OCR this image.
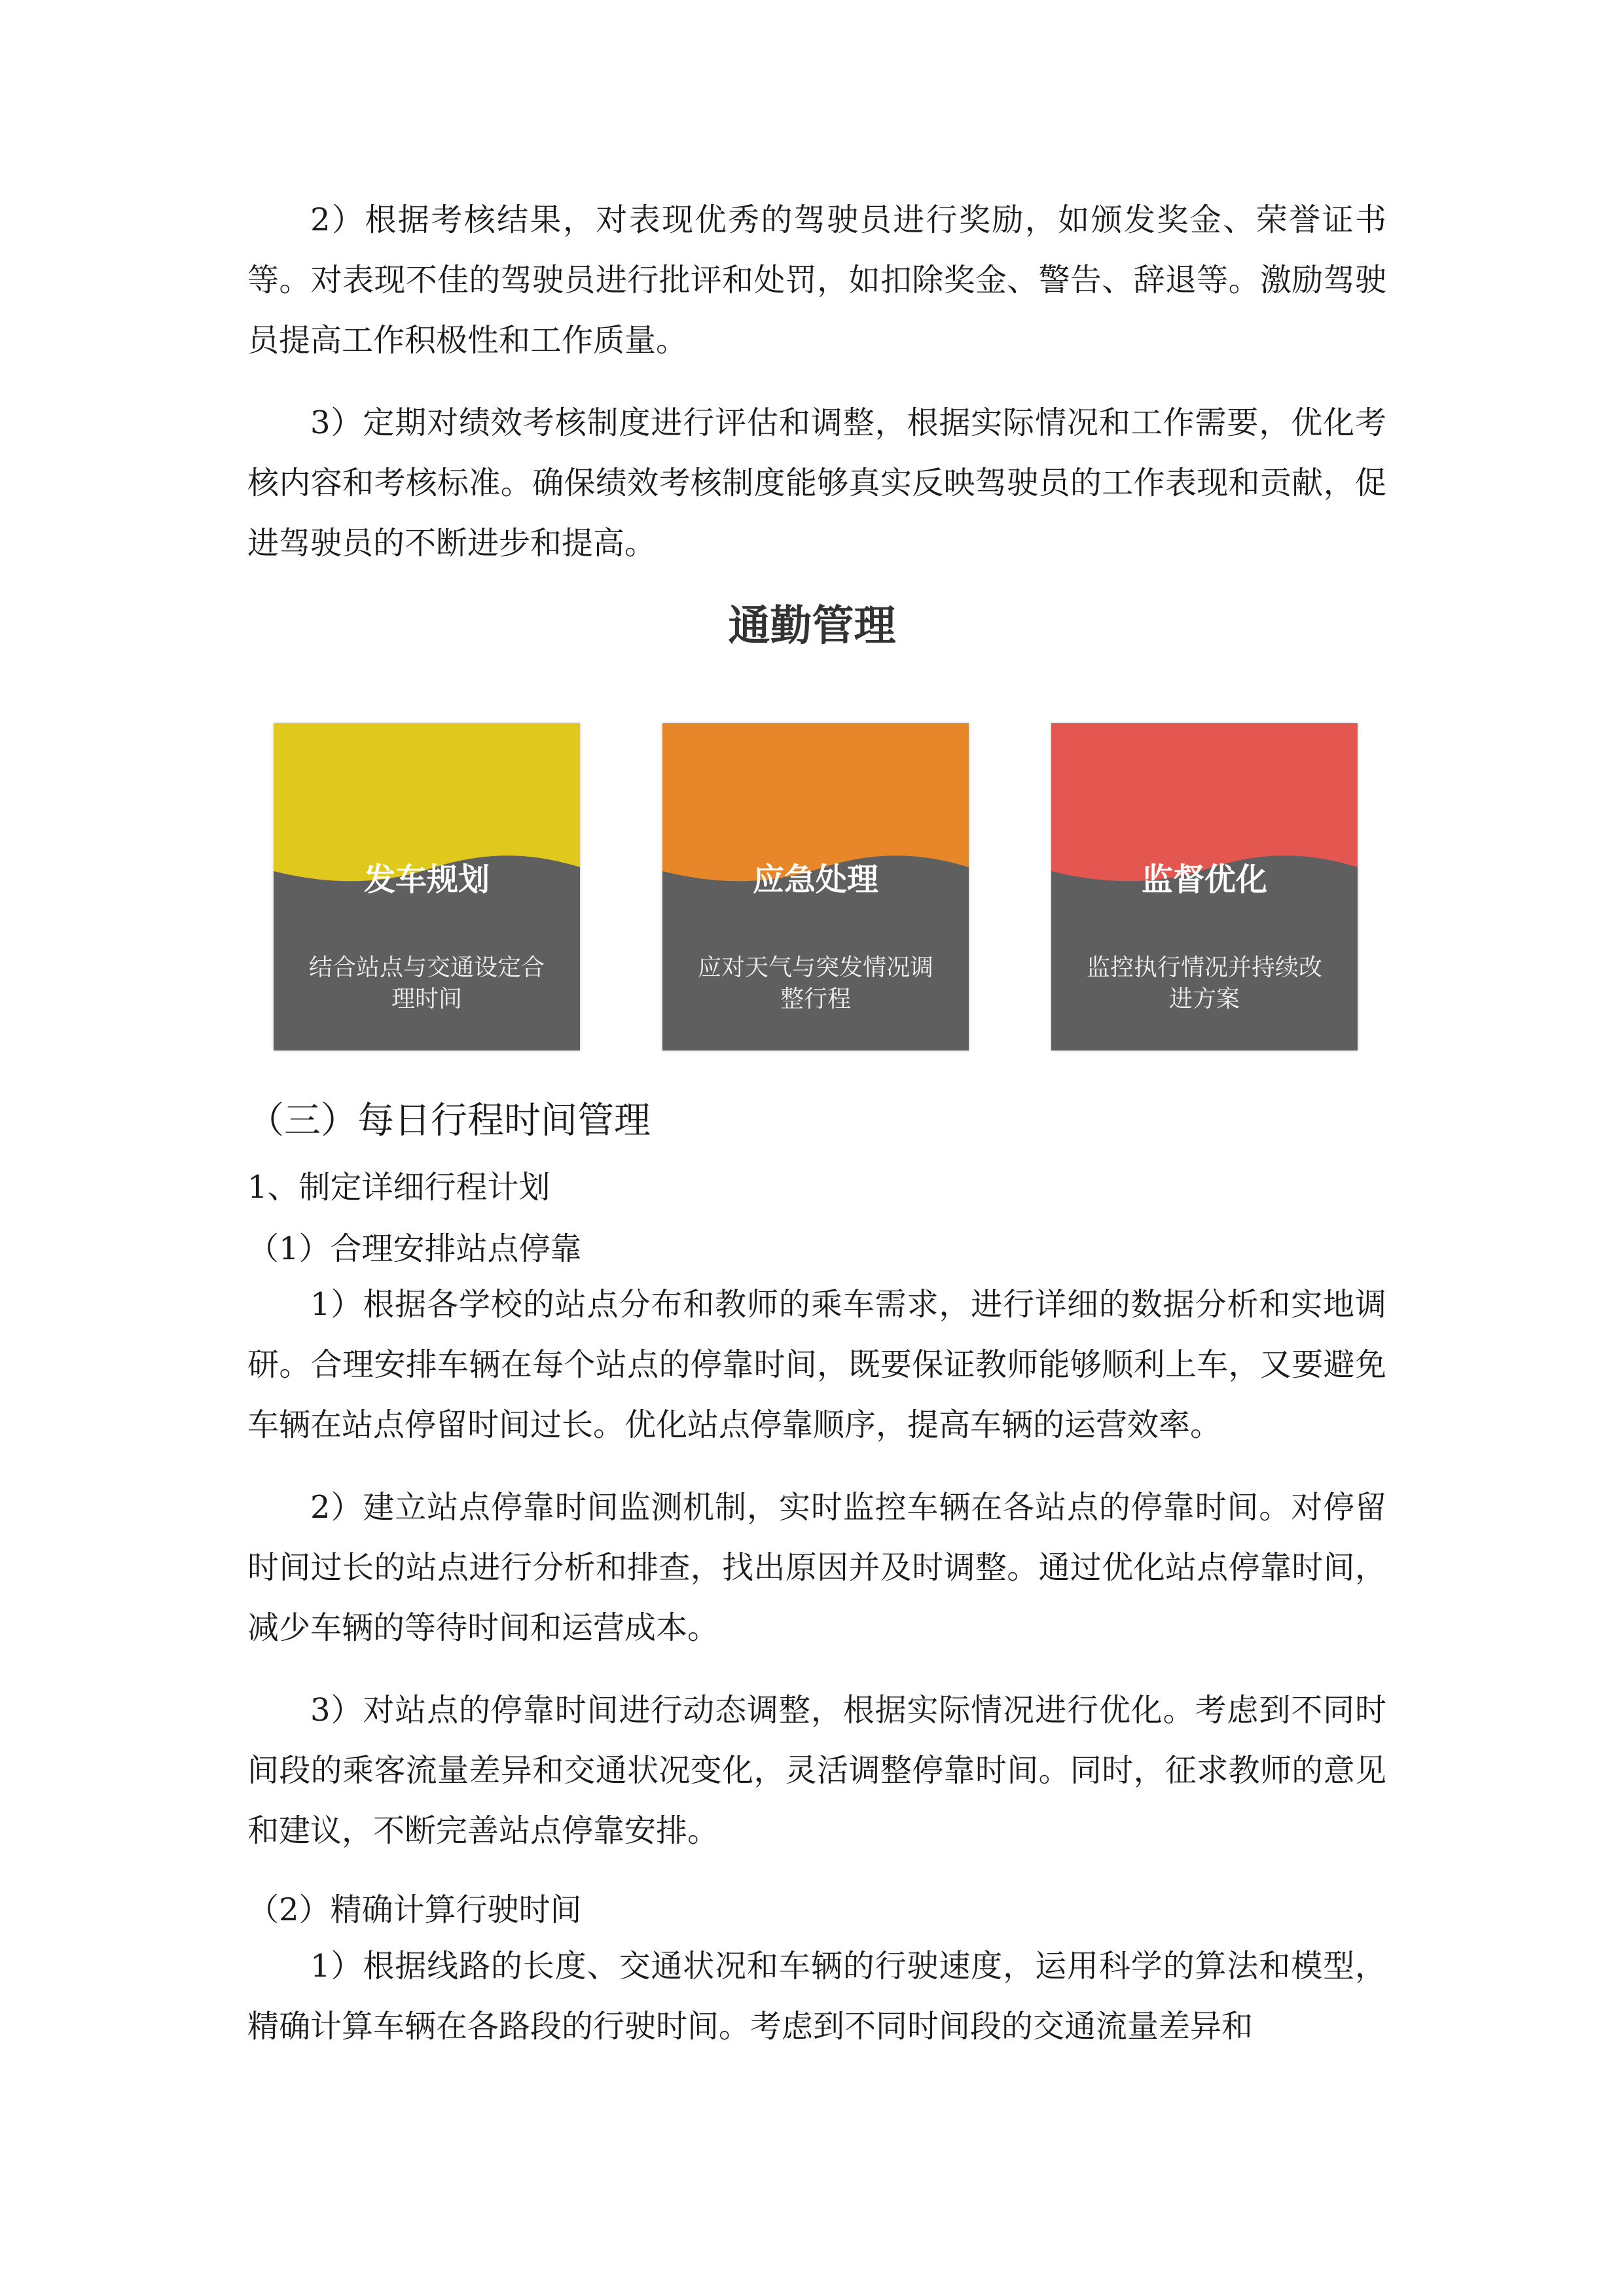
2）根据考核结果，对表现优秀的驾驶员进行奖励，如颁发奖金、荣誉证书等。对表现不佳的驾驶员进行批评和处罚，如扣除奖金、警告、辞退等。激励驾驶员提高工作积极性和工作质量。

3）定期对绩效考核制度进行评估和调整，根据实际情况和工作需要，优化考核内容和考核标准。确保绩效考核制度能够真实反映驾驶员的工作表现和贡献，促进驾驶员的不断进步和提高。

通勤管理

发车规划
结合站点与交通设定合理时间
应急处理
应对天气与突发情况调整行程
监督优化
监控执行情况并持续改进方案

（三）每日行程时间管理

1、制定详细行程计划

（1）合理安排站点停靠

1）根据各学校的站点分布和教师的乘车需求，进行详细的数据分析和实地调研。合理安排车辆在每个站点的停靠时间，既要保证教师能够顺利上车，又要避免车辆在站点停留时间过长。优化站点停靠顺序，提高车辆的运营效率。

2）建立站点停靠时间监测机制，实时监控车辆在各站点的停靠时间。对停留时间过长的站点进行分析和排查，找出原因并及时调整。通过优化站点停靠时间，减少车辆的等待时间和运营成本。

3）对站点的停靠时间进行动态调整，根据实际情况进行优化。考虑到不同时间段的乘客流量差异和交通状况变化，灵活调整停靠时间。同时，征求教师的意见和建议，不断完善站点停靠安排。

（2）精确计算行驶时间

1）根据线路的长度、交通状况和车辆的行驶速度，运用科学的算法和模型，精确计算车辆在各路段的行驶时间。考虑到不同时间段的交通流量差异和
